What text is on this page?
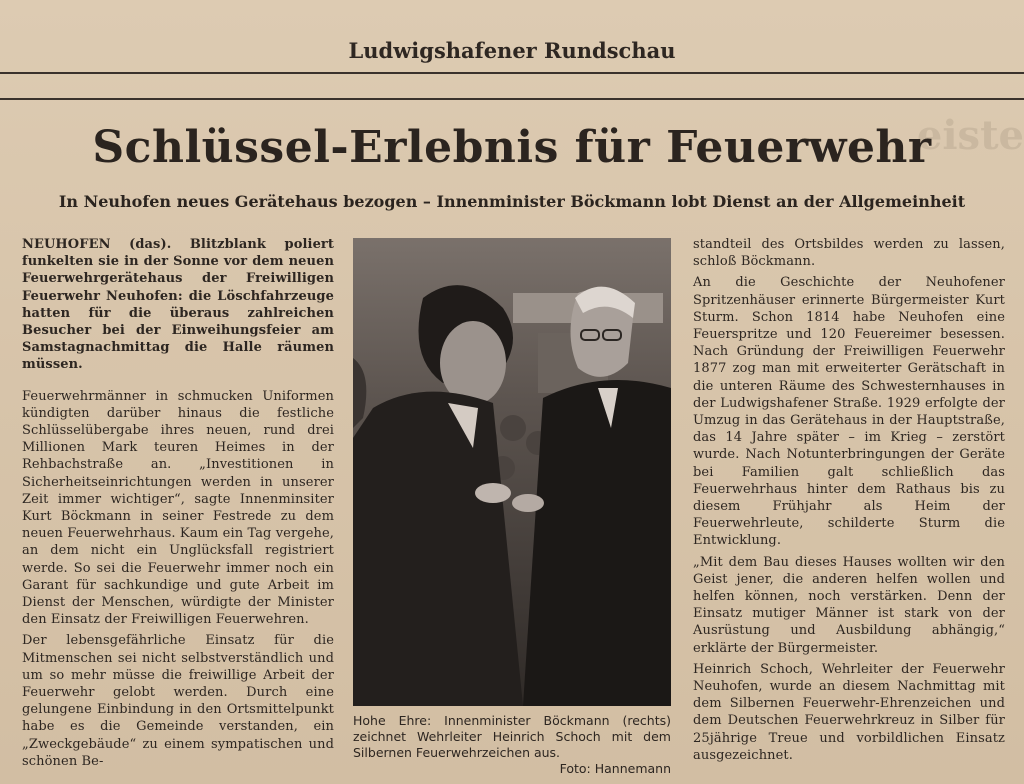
Ludwigshafener Rundschau
eiste
Schlüssel-Erlebnis für Feuerwehr
In Neuhofen neues Gerätehaus bezogen – Innenminister Böckmann lobt Dienst an der Allgemeinheit

NEUHOFEN (das). Blitzblank poliert funkelten sie in der Sonne vor dem neuen Feuerwehrgerätehaus der Freiwilligen Feuerwehr Neuhofen: die Löschfahrzeuge hatten für die überaus zahlreichen Besucher bei der Einweihungsfeier am Samstagnachmittag die Halle räumen müssen.

Feuerwehrmänner in schmucken Uniformen kündigten darüber hinaus die festliche Schlüsselübergabe ihres neuen, rund drei Millionen Mark teuren Heimes in der Rehbachstraße an. „Investitionen in Sicherheitseinrichtungen werden in unserer Zeit immer wichtiger“, sagte Innenminsiter Kurt Böckmann in seiner Festrede zu dem neuen Feuerwehrhaus. Kaum ein Tag vergehe, an dem nicht ein Unglücksfall registriert werde. So sei die Feuerwehr immer noch ein Garant für sachkundige und gute Arbeit im Dienst der Menschen, würdigte der Minister den Einsatz der Freiwilligen Feuerwehren.

Der lebensgefährliche Einsatz für die Mitmenschen sei nicht selbstverständlich und um so mehr müsse die freiwillige Arbeit der Feuerwehr gelobt werden. Durch eine gelungene Einbindung in den Ortsmittelpunkt habe es die Gemeinde verstanden, ein „Zweckgebäude“ zu einem sympatischen und schönen Be-

Hohe Ehre: Innenminister Böckmann (rechts) zeichnet Wehrleiter Heinrich Schoch mit dem Silbernen Feuerwehrzeichen aus.
Foto: Hannemann

standteil des Ortsbildes werden zu lassen, schloß Böckmann.

An die Geschichte der Neuhofener Spritzenhäuser erinnerte Bürgermeister Kurt Sturm. Schon 1814 habe Neuhofen eine Feuerspritze und 120 Feuereimer besessen. Nach Gründung der Freiwilligen Feuerwehr 1877 zog man mit erweiterter Gerätschaft in die unteren Räume des Schwesternhauses in der Ludwigshafener Straße. 1929 erfolgte der Umzug in das Gerätehaus in der Hauptstraße, das 14 Jahre später – im Krieg – zerstört wurde. Nach Notunterbringungen der Geräte bei Familien galt schließlich das Feuerwehrhaus hinter dem Rathaus bis zu diesem Frühjahr als Heim der Feuerwehrleute, schilderte Sturm die Entwicklung.

„Mit dem Bau dieses Hauses wollten wir den Geist jener, die anderen helfen wollen und helfen können, noch verstärken. Denn der Einsatz mutiger Männer ist stark von der Ausrüstung und Ausbildung abhängig,“ erklärte der Bürgermeister.

Heinrich Schoch, Wehrleiter der Feuerwehr Neuhofen, wurde an diesem Nachmittag mit dem Silbernen Feuerwehr-Ehrenzeichen und dem Deutschen Feuerwehrkreuz in Silber für 25jährige Treue und vorbildlichen Einsatz ausgezeichnet.
